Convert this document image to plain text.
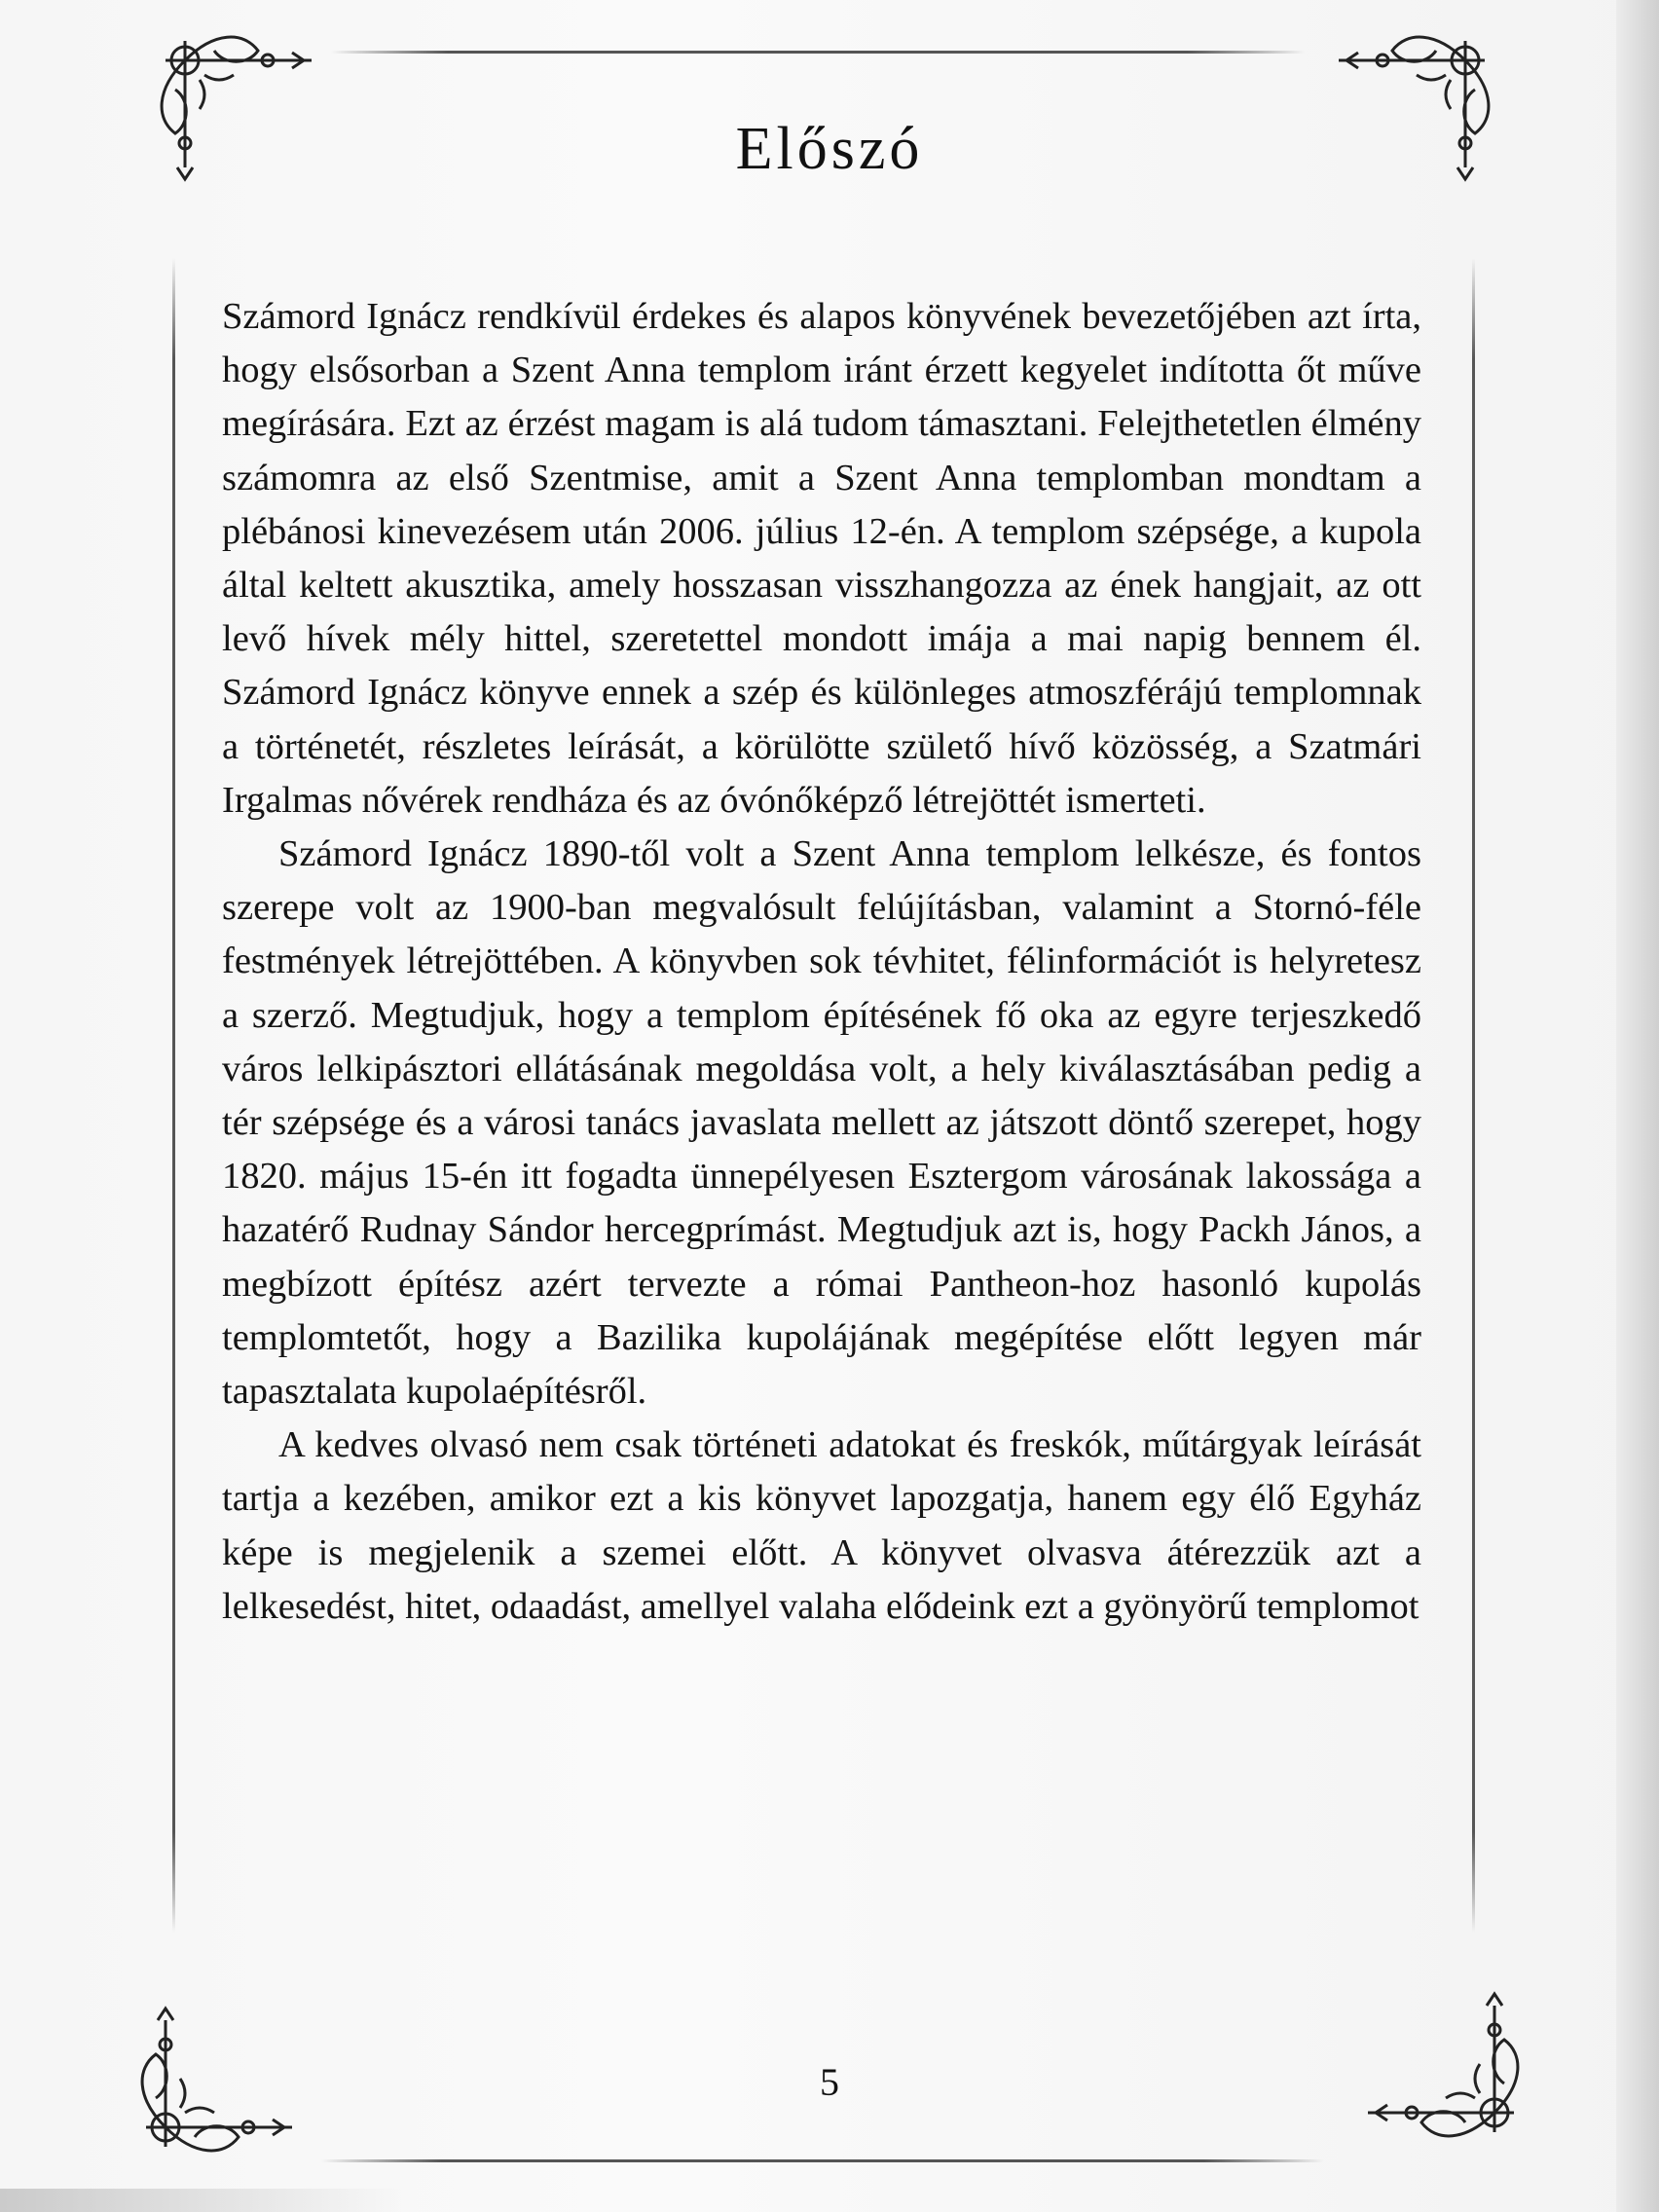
Előszó

Számord Ignácz rendkívül érdekes és alapos könyvének bevezetőjében azt írta, hogy elsősorban a Szent Anna templom iránt érzett kegyelet indította őt műve megírására. Ezt az érzést magam is alá tudom támasztani. Felejthetetlen élmény számomra az első Szentmise, amit a Szent Anna templomban mondtam a plébánosi kinevezésem után 2006. július 12-én. A templom szépsége, a kupola által keltett akusztika, amely hosszasan visszhangozza az ének hangjait, az ott levő hívek mély hittel, szeretettel mondott imája a mai napig bennem él. Számord Ignácz könyve ennek a szép és különleges atmoszférájú templomnak a történetét, részletes leírását, a körülötte születő hívő közösség, a Szatmári Irgalmas nővérek rendháza és az óvónőképző létrejöttét ismerteti.

Számord Ignácz 1890-től volt a Szent Anna templom lelkésze, és fontos szerepe volt az 1900-ban megvalósult felújításban, valamint a Stornó-féle festmények létrejöttében. A könyvben sok tévhitet, félinformációt is helyretesz a szerző. Megtudjuk, hogy a templom építésének fő oka az egyre terjeszkedő város lelkipásztori ellátásának megoldása volt, a hely kiválasztásában pedig a tér szépsége és a városi tanács javaslata mellett az játszott döntő szerepet, hogy 1820. május 15-én itt fogadta ünnepélyesen Esztergom városának lakossága a hazatérő Rudnay Sándor hercegprímást. Megtudjuk azt is, hogy Packh János, a megbízott építész azért tervezte a római Pantheon-hoz hasonló kupolás templomtetőt, hogy a Bazilika kupolájának megépítése előtt legyen már tapasztalata kupolaépítésről.

A kedves olvasó nem csak történeti adatokat és freskók, műtárgyak leírását tartja a kezében, amikor ezt a kis könyvet lapozgatja, hanem egy élő Egyház képe is megjelenik a szemei előtt. A könyvet olvasva átérezzük azt a lelkesedést, hitet, odaadást, amellyel valaha elődeink ezt a gyönyörű templomot

5
